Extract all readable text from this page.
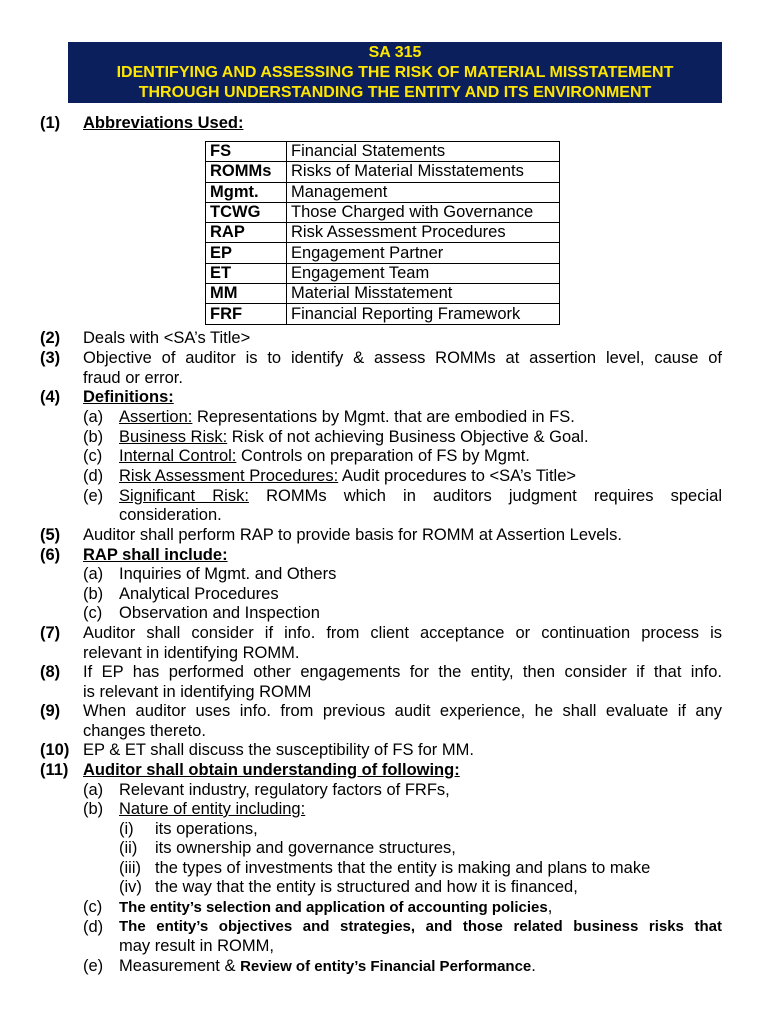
SA 315
IDENTIFYING AND ASSESSING THE RISK OF MATERIAL MISSTATEMENT
THROUGH UNDERSTANDING THE ENTITY AND ITS ENVIRONMENT
(1) Abbreviations Used:
FS	Financial Statements
ROMMs	Risks of Material Misstatements
Mgmt.	Management
TCWG	Those Charged with Governance
RAP	Risk Assessment Procedures
EP	Engagement Partner
ET	Engagement Team
MM	Material Misstatement
FRF	Financial Reporting Framework
(2) Deals with <SA’s Title>
(3) Objective of auditor is to identify & assess ROMMs at assertion level, cause of
fraud or error.
(4) Definitions:
(a) Assertion: Representations by Mgmt. that are embodied in FS.
(b) Business Risk: Risk of not achieving Business Objective & Goal.
(c) Internal Control: Controls on preparation of FS by Mgmt.
(d) Risk Assessment Procedures: Audit procedures to <SA’s Title>
(e) Significant Risk: ROMMs which in auditors judgment requires special
consideration.
(5) Auditor shall perform RAP to provide basis for ROMM at Assertion Levels.
(6) RAP shall include:
(a) Inquiries of Mgmt. and Others
(b) Analytical Procedures
(c) Observation and Inspection
(7) Auditor shall consider if info. from client acceptance or continuation process is
relevant in identifying ROMM.
(8) If EP has performed other engagements for the entity, then consider if that info.
is relevant in identifying ROMM
(9) When auditor uses info. from previous audit experience, he shall evaluate if any
changes thereto.
(10) EP & ET shall discuss the susceptibility of FS for MM.
(11) Auditor shall obtain understanding of following:
(a) Relevant industry, regulatory factors of FRFs,
(b) Nature of entity including:
(i) its operations,
(ii) its ownership and governance structures,
(iii) the types of investments that the entity is making and plans to make
(iv) the way that the entity is structured and how it is financed,
(c) The entity’s selection and application of accounting policies,
(d) The entity’s objectives and strategies, and those related business risks that
may result in ROMM,
(e) Measurement & Review of entity’s Financial Performance.
